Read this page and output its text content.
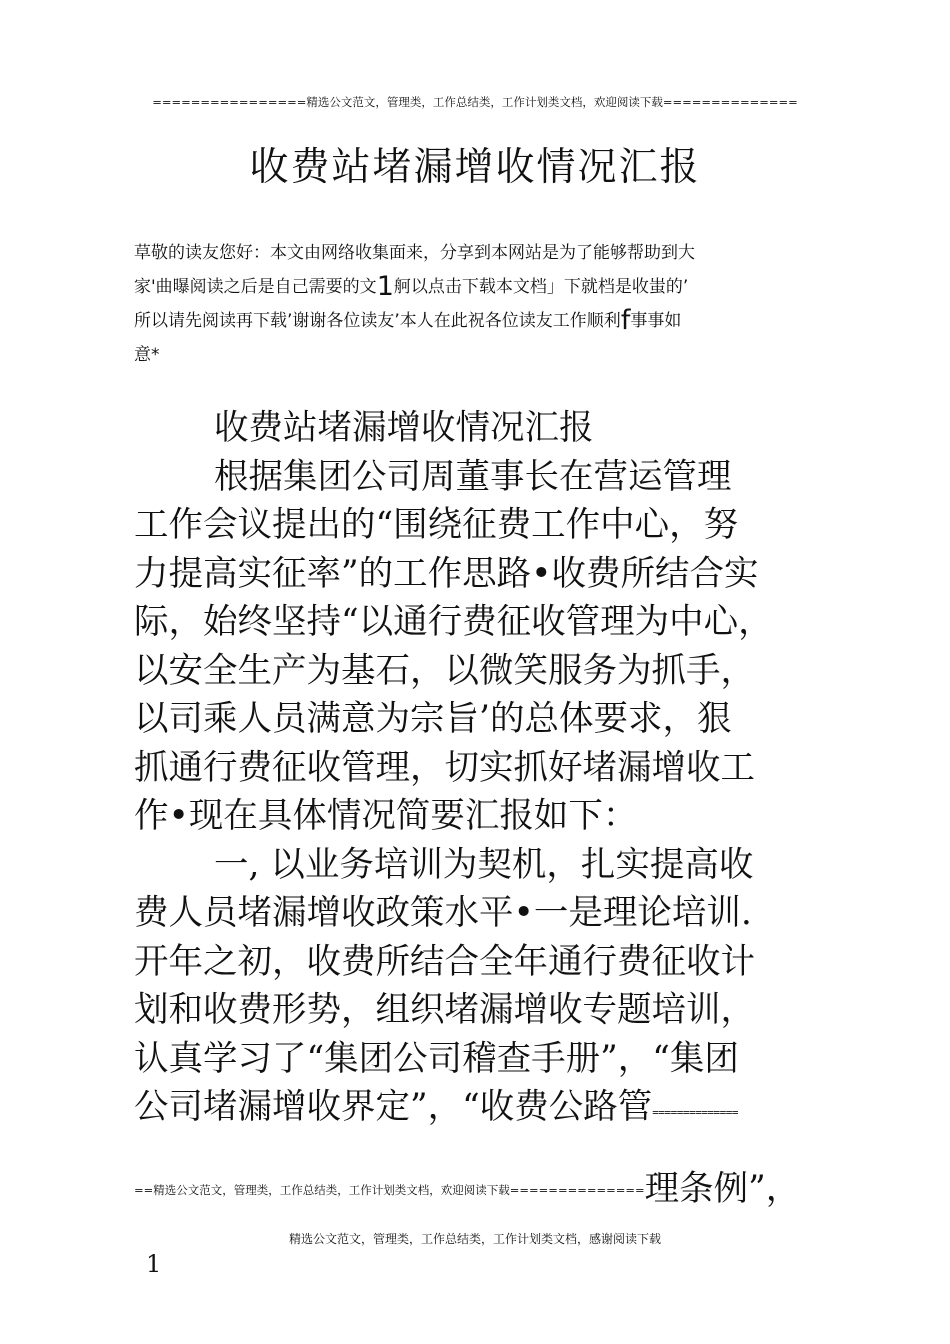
================精选公文范文，管理类，工作总结类，工作计划类文档，欢迎阅读下载==============
收费站堵漏增收情况汇报
草敬的读友您好：本文由网络收集面来，分享到本网站是为了能够帮助到大
家'曲曝阅读之后是自己需要的文1舸以点击下载本文档」下就档是收蚩的’
所以请先阅读再下载’谢谢各位读友’本人在此祝各位读友工作顺利f事事如
意*
收费站堵漏增收情况汇报
根据集团公司周董事长在营运管理
工作会议提出的“围绕征费工作中心，努
力提高实征率”的工作思路•收费所结合实
际，始终坚持“以通行费征收管理为中心，
以安全生产为基石，以微笑服务为抓手，
以司乘人员满意为宗旨’的总体要求，狠
抓通行费征收管理，切实抓好堵漏增收工
作•现在具体情况简要汇报如下：
一, 以业务培训为契机，扎实提高收
费人员堵漏增收政策水平•一是理论培训.
开年之初，收费所结合全年通行费征收计
划和收费形势，组织堵漏增收专题培训，
认真学习了“集团公司稽查手册”，“集团
公司堵漏增收界定”，“收费公路管==============
$^{==精选公文范文,管理类,工作总结类,工作计划类文档,欢迎阅读下载==============}$理条例”，
精选公文范文，管理类，工作总结类，工作计划类文档，感谢阅读下载
1
